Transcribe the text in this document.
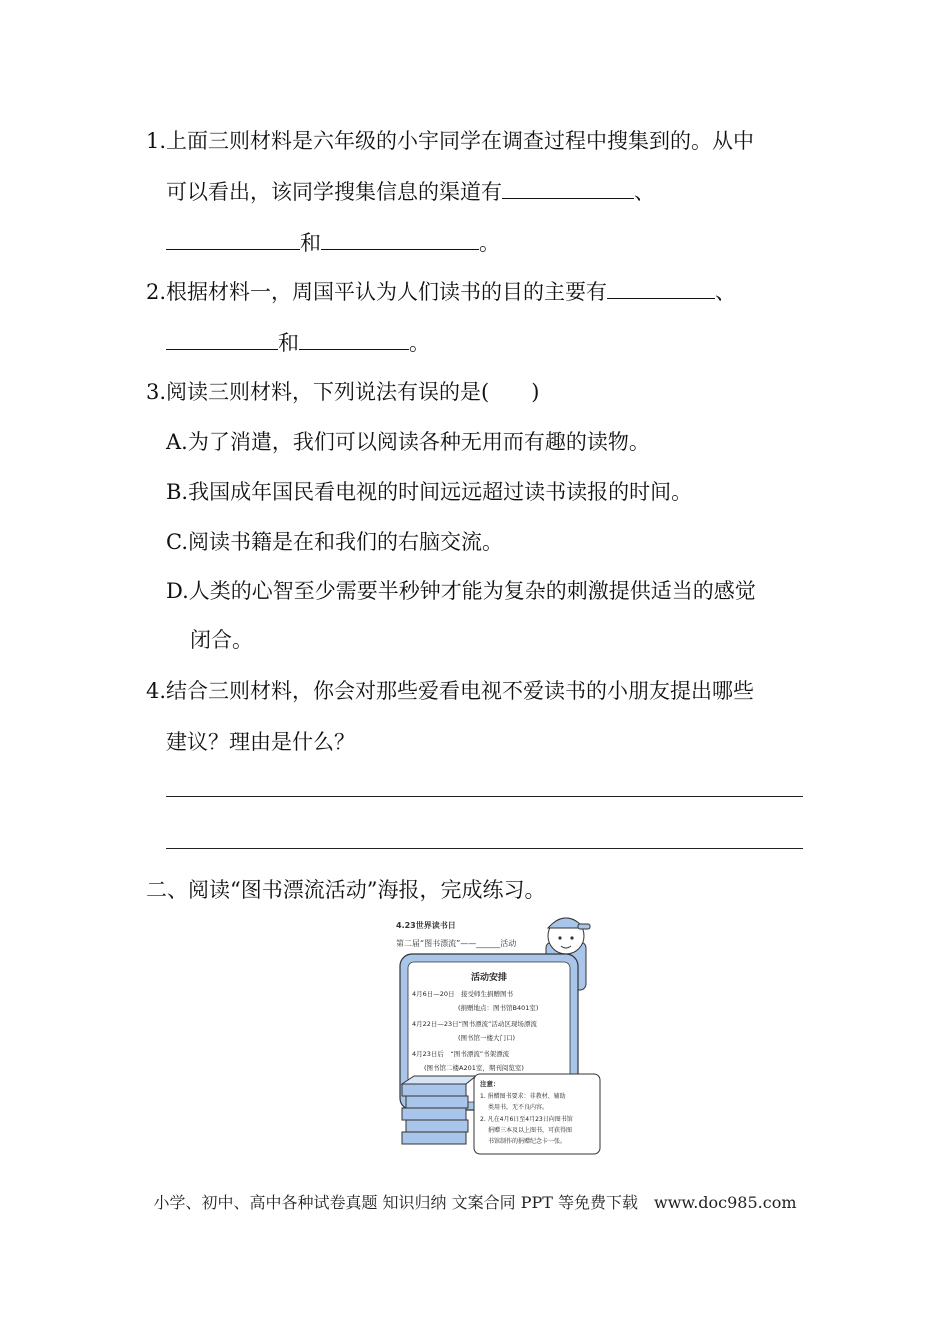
1.上面三则材料是六年级的小宇同学在调查过程中搜集到的。从中
可以看出，该同学搜集信息的渠道有	、
和	。
2.根据材料一，周国平认为人们读书的目的主要有	、
和	。
3.阅读三则材料，下列说法有误的是(　　)
A.为了消遣，我们可以阅读各种无用而有趣的读物。
B.我国成年国民看电视的时间远远超过读书读报的时间。
C.阅读书籍是在和我们的右脑交流。
D.人类的心智至少需要半秒钟才能为复杂的刺激提供适当的感觉
闭合。
4.结合三则材料，你会对那些爱看电视不爱读书的小朋友提出哪些
建议？理由是什么？
二、阅读“图书漂流活动”海报，完成练习。
4.23世界读书日
第二届“图书漂流”——______活动
活动安排
4月6日—20日　接受师生捐赠图书
(捐赠地点：图书馆B401室)
4月22日—23日“图书漂流”活动区现场漂流
(图书馆一楼大门口)
4月23日后　“图书漂流”书架漂流
(图书馆二楼A201室，期刊阅览室)
注意：
1. 捐赠图书要求：非教材、辅助
类用书，无不良内容。
2. 凡在4月6日至4月23日向图书馆
捐赠三本及以上图书，可获得图
书馆制作的捐赠纪念卡一张。
小学、初中、高中各种试卷真题 知识归纳 文案合同 PPT 等免费下载　www.doc985.com
